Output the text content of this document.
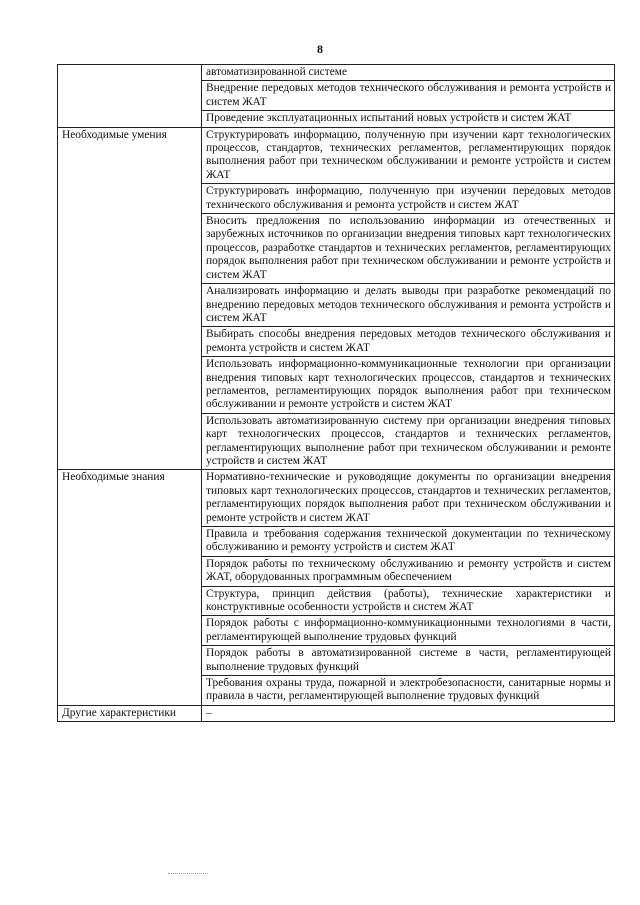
8
	автоматизированной системе
	Внедрение передовых методов технического обслуживания и ремонта устройств и систем ЖАТ
	Проведение эксплуатационных испытаний новых устройств и систем ЖАТ
Необходимые умения	Структурировать информацию, полученную при изучении карт технологических процессов, стандартов, технических регламентов, регламентирующих порядок выполнения работ при техническом обслуживании и ремонте устройств и систем ЖАТ
	Структурировать информацию, полученную при изучении передовых методов технического обслуживания и ремонта устройств и систем ЖАТ
	Вносить предложения по использованию информации из отечественных и зарубежных источников по организации внедрения типовых карт технологических процессов, разработке стандартов и технических регламентов, регламентирующих порядок выполнения работ при техническом обслуживании и ремонте устройств и систем ЖАТ
	Анализировать информацию и делать выводы при разработке рекомендаций по внедрению передовых методов технического обслуживания и ремонта устройств и систем ЖАТ
	Выбирать способы внедрения передовых методов технического обслуживания и ремонта устройств и систем ЖАТ
	Использовать информационно-коммуникационные технологии при организации внедрения типовых карт технологических процессов, стандартов и технических регламентов, регламентирующих порядок выполнения работ при техническом обслуживании и ремонте устройств и систем ЖАТ
	Использовать автоматизированную систему при организации внедрения типовых карт технологических процессов, стандартов и технических регламентов, регламентирующих выполнение работ при техническом обслуживании и ремонте устройств и систем ЖАТ
Необходимые знания	Нормативно-технические и руководящие документы по организации внедрения типовых карт технологических процессов, стандартов и технических регламентов, регламентирующих порядок выполнения работ при техническом обслуживании и ремонте устройств и систем ЖАТ
	Правила и требования содержания технической документации по техническому обслуживанию и ремонту устройств и систем ЖАТ
	Порядок работы по техническому обслуживанию и ремонту устройств и систем ЖАТ, оборудованных программным обеспечением
	Структура, принцип действия (работы), технические характеристики и конструктивные особенности устройств и систем ЖАТ
	Порядок работы с информационно-коммуникационными технологиями в части, регламентирующей выполнение трудовых функций
	Порядок работы в автоматизированной системе в части, регламентирующей выполнение трудовых функций
	Требования охраны труда, пожарной и электробезопасности, санитарные нормы и правила в части, регламентирующей выполнение трудовых функций
Другие характеристики	–
